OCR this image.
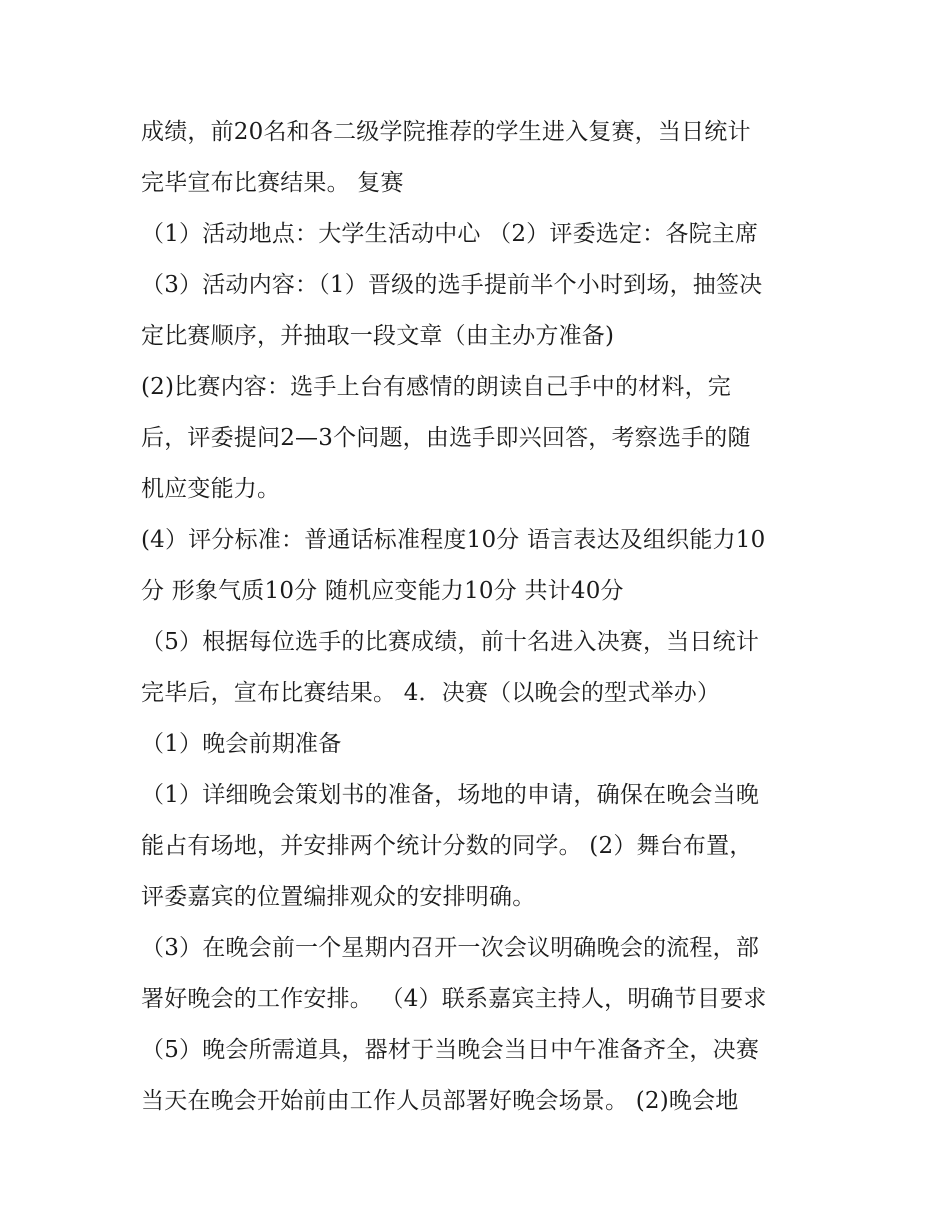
成绩，前20名和各二级学院推荐的学生进入复赛，当日统计
完毕宣布比赛结果。 复赛
（1）活动地点：大学生活动中心 （2）评委选定：各院主席
（3）活动内容：（1）晋级的选手提前半个小时到场，抽签决
定比赛顺序，并抽取一段文章（由主办方准备)
(2)比赛内容：选手上台有感情的朗读自己手中的材料，完
后，评委提问2—3个问题，由选手即兴回答，考察选手的随
机应变能力。
(4）评分标准：普通话标准程度10分 语言表达及组织能力10
分 形象气质10分 随机应变能力10分 共计40分
（5）根据每位选手的比赛成绩，前十名进入决赛，当日统计
完毕后，宣布比赛结果。 4．决赛（以晚会的型式举办）
（1）晚会前期准备
（1）详细晚会策划书的准备，场地的申请，确保在晚会当晚
能占有场地，并安排两个统计分数的同学。 (2）舞台布置，
评委嘉宾的位置编排观众的安排明确。
（3）在晚会前一个星期内召开一次会议明确晚会的流程，部
署好晚会的工作安排。 （4）联系嘉宾主持人，明确节目要求
（5）晚会所需道具，器材于当晚会当日中午准备齐全，决赛
当天在晚会开始前由工作人员部署好晚会场景。 (2)晚会地
